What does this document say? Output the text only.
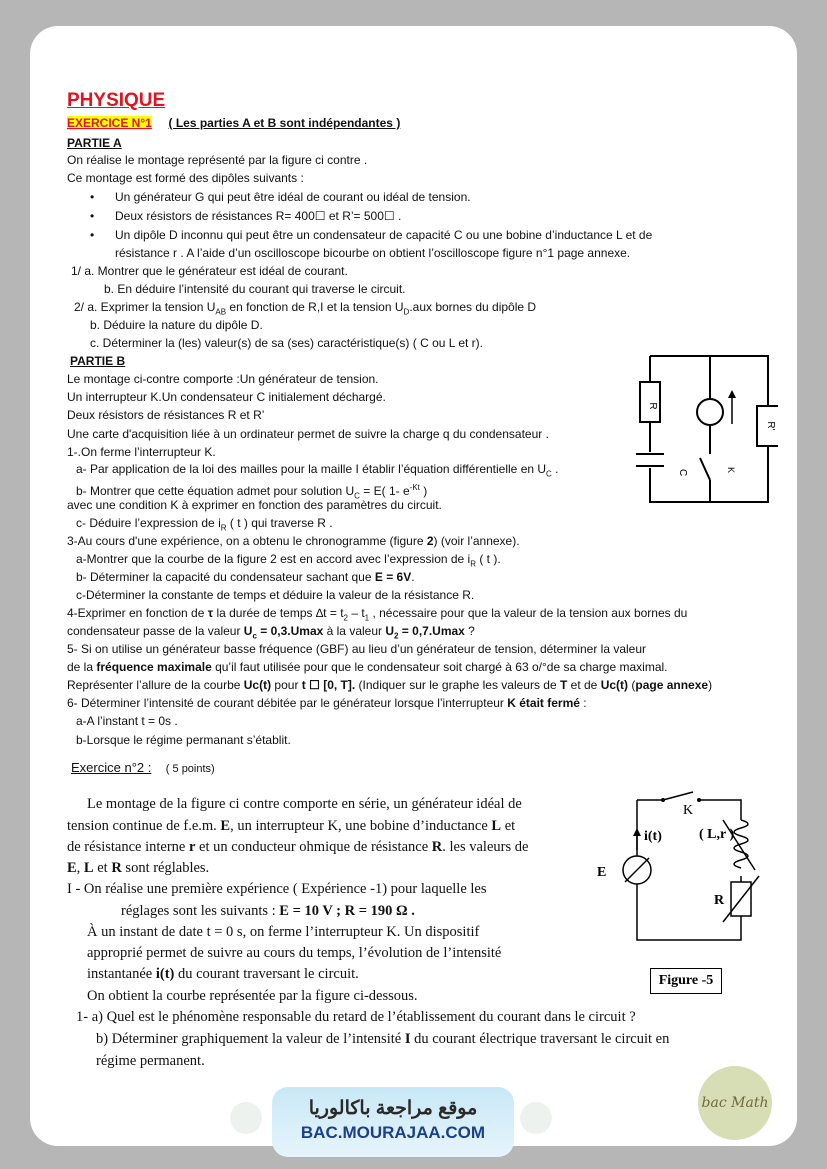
PHYSIQUE
EXERCICE N°1 ( Les parties A et B sont indépendantes )
PARTIE A
On réalise le montage représenté par la figure ci contre .
Ce montage est formé des dipôles suivants :
• Un générateur G qui peut être idéal de courant ou idéal de tension.
• Deux résistors de résistances R= 400☐ et R’= 500☐ .
• Un dipôle D inconnu qui peut être un condensateur de capacité C ou une bobine d’inductance L et de
résistance r . A l’aide d’un oscilloscope bicourbe on obtient l’oscilloscope figure n°1 page annexe.
1/ a. Montrer que le générateur est idéal de courant.
b. En déduire l’intensité du courant qui traverse le circuit.
2/ a. Exprimer la tension $U_{AB}$ en fonction de R,I et la tension $U_D.aux$ bornes du dipôle D
b. Déduire la nature du dipôle D.
c. Déterminer la (les) valeur(s) de sa (ses) caractéristique(s) ( C ou L et r).
PARTIE B
Le montage ci-contre comporte :Un générateur de tension.
Un interrupteur K.Un condensateur C initialement déchargé.
Deux résistors de résistances R et R’
Une carte d'acquisition liée à un ordinateur permet de suivre la charge q du condensateur .
1-.On ferme l’interrupteur K.
a- Par application de la loi des mailles pour la maille I établir l’équation différentielle en $U_C$ .
b- Montrer que cette équation admet pour solution $U_C = E$( 1- $e^{-Kt}$ )
avec une condition K à exprimer en fonction des paramètres du circuit.
c- Déduire l’expression de $i_R$ ( t ) qui traverse R .
3-Au cours d'une expérience, on a obtenu le chronogramme (figure 2) (voir l’annexe).
a-Montrer que la courbe de la figure 2 est en accord avec l’expression de $i_R$ ( t ).
b- Déterminer la capacité du condensateur sachant que E = 6V.
c-Déterminer la constante de temps et déduire la valeur de la résistance R.
4-Exprimer en fonction de τ la durée de temps $\Delta t = t_2 - t_1$ , nécessaire pour que la valeur de la tension aux bornes du
condensateur passe de la valeur $U_c = 0,3.Umax$ à la valeur $U_2 = 0,7.Umax$ ?
5- Si on utilise un générateur basse fréquence (GBF) au lieu d’un générateur de tension, déterminer la valeur
de la fréquence maximale qu’il faut utilisée pour que le condensateur soit chargé à 63 o/°de sa charge maximal.
Représenter l’allure de la courbe Uc(t) pour t ☐ [0, T]. (Indiquer sur le graphe les valeurs de T et de Uc(t) (page annexe)
6- Déterminer l’intensité de courant débitée par le générateur lorsque l’interrupteur K était fermé :
a-A l’instant t = 0s .
b-Lorsque le régime permanant s’établit.
R
C	K
R'
Exercice n°2 : ( 5 points)
Le montage de la figure ci contre comporte en série, un générateur idéal de
tension continue de f.e.m. E, un interrupteur K, une bobine d’inductance L et
de résistance interne r et un conducteur ohmique de résistance R. les valeurs de
E, L et R sont réglables.
I - On réalise une première expérience ( Expérience -1) pour laquelle les
réglages sont les suivants : E = 10 V ; R = 190 Ω .
À un instant de date t = 0 s, on ferme l’interrupteur K. Un dispositif
approprié permet de suivre au cours du temps, l’évolution de l’intensité
instantanée i(t) du courant traversant le circuit.
On obtient la courbe représentée par la figure ci-dessous.
1- a) Quel est le phénomène responsable du retard de l’établissement du courant dans le circuit ?
b) Déterminer graphiquement la valeur de l’intensité I du courant électrique traversant le circuit en
régime permanent.
K
( L,r )
i(t)
E
R
Figure -5
موقع مراجعة باكالوريا
BAC.MOURAJAA.COM
bac Math
